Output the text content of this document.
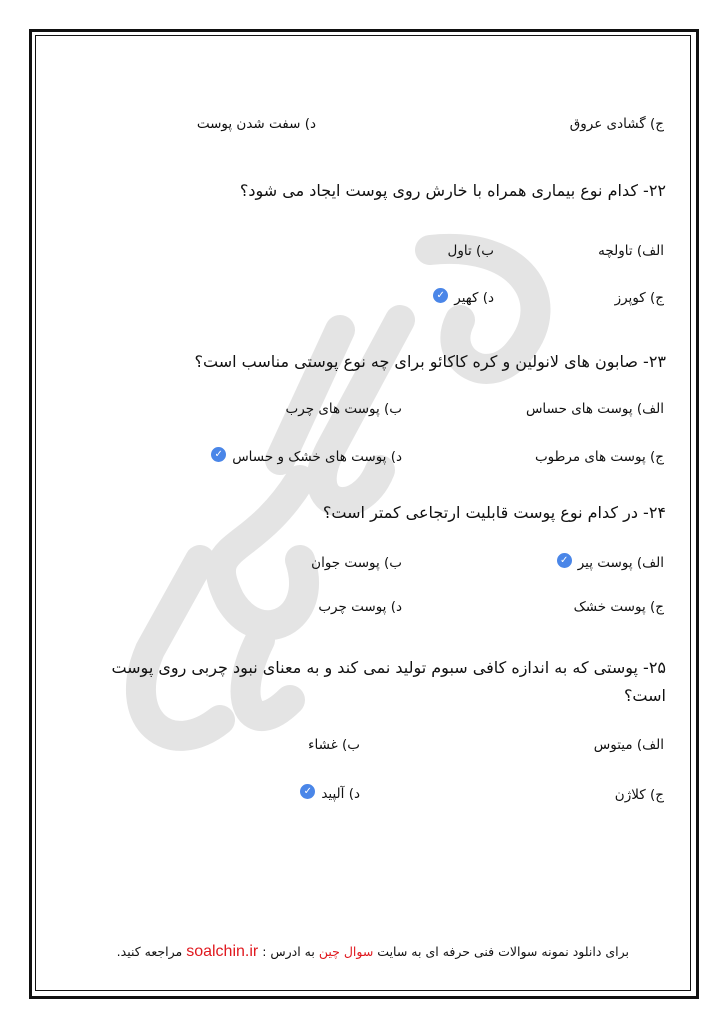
ج) گشادی عروق
د) سفت شدن پوست
۲۲- کدام نوع بیماری همراه با خارش روی پوست ایجاد می شود؟
الف) تاولچه
ب) تاول
ج) کوپرز
د) کهیر✓
۲۳- صابون های لانولین و کره کاکائو برای چه نوع پوستی مناسب است؟
الف) پوست های حساس
ب) پوست های چرب
ج) پوست های مرطوب
د) پوست های خشک و حساس✓
۲۴- در کدام نوع پوست قابلیت ارتجاعی کمتر است؟
الف) پوست پیر✓
ب) پوست جوان
ج) پوست خشک
د) پوست چرب
۲۵- پوستی که به اندازه کافی سبوم تولید نمی کند و به معنای نبود چربی روی پوست است؟
الف) میتوس
ب) غشاء
ج) کلاژن
د) آلپید✓
برای دانلود نمونه سوالات فنی حرفه ای به سایت سوال چین به ادرس : soalchin.ir مراجعه کنید.
